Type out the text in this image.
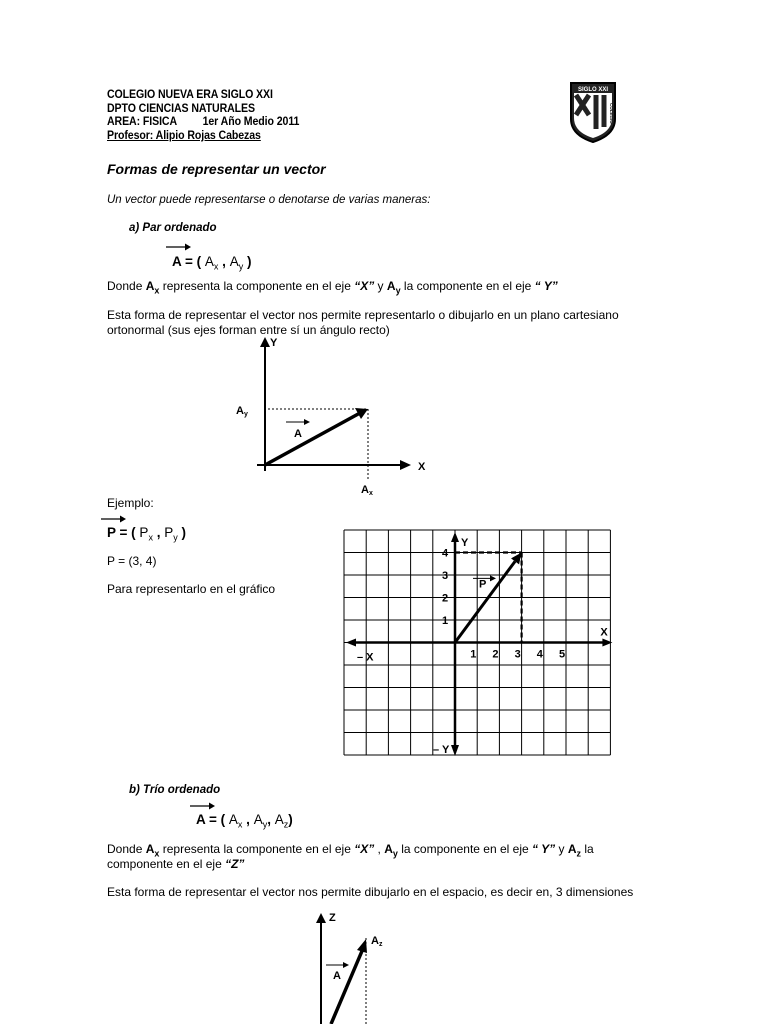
COLEGIO NUEVA ERA SIGLO XXI
DPTO CIENCIAS NATURALES
AREA: FISICA 1er Año Medio 2011
Profesor: Alipio Rojas Cabezas
SIGLO XXI
COLEGIO
Formas de representar un vector
Un vector puede representarse o denotarse de varias maneras:
a) Par ordenado
A = ( $A_x$ , $A_y$ )
Donde $A_x$ representa la componente en el eje “X” y $A_y$ la componente en el eje “ Y”
Esta forma de representar el vector nos permite representarlo o dibujarlo en un plano cartesiano
ortonormal (sus ejes forman entre sí un ángulo recto)
Y
X
A
Ay
Ax
Ejemplo:
P = ( $P_x$ , $P_y$ )
P = (3, 4)
Para representarlo en el gráfico
1 2 3 4 5
1
2
3
4
Y
X
– X
– Y
P
b) Trío ordenado
A = ( $A_x$ , $A_y$, $A_z$)
Donde $A_x$ representa la componente en el eje “X” , $A_y$ la componente en el eje “ Y” y $A_z$ la
componente en el eje “Z”
Esta forma de representar el vector nos permite dibujarlo en el espacio, es decir en, 3 dimensiones
Z
A
Az
